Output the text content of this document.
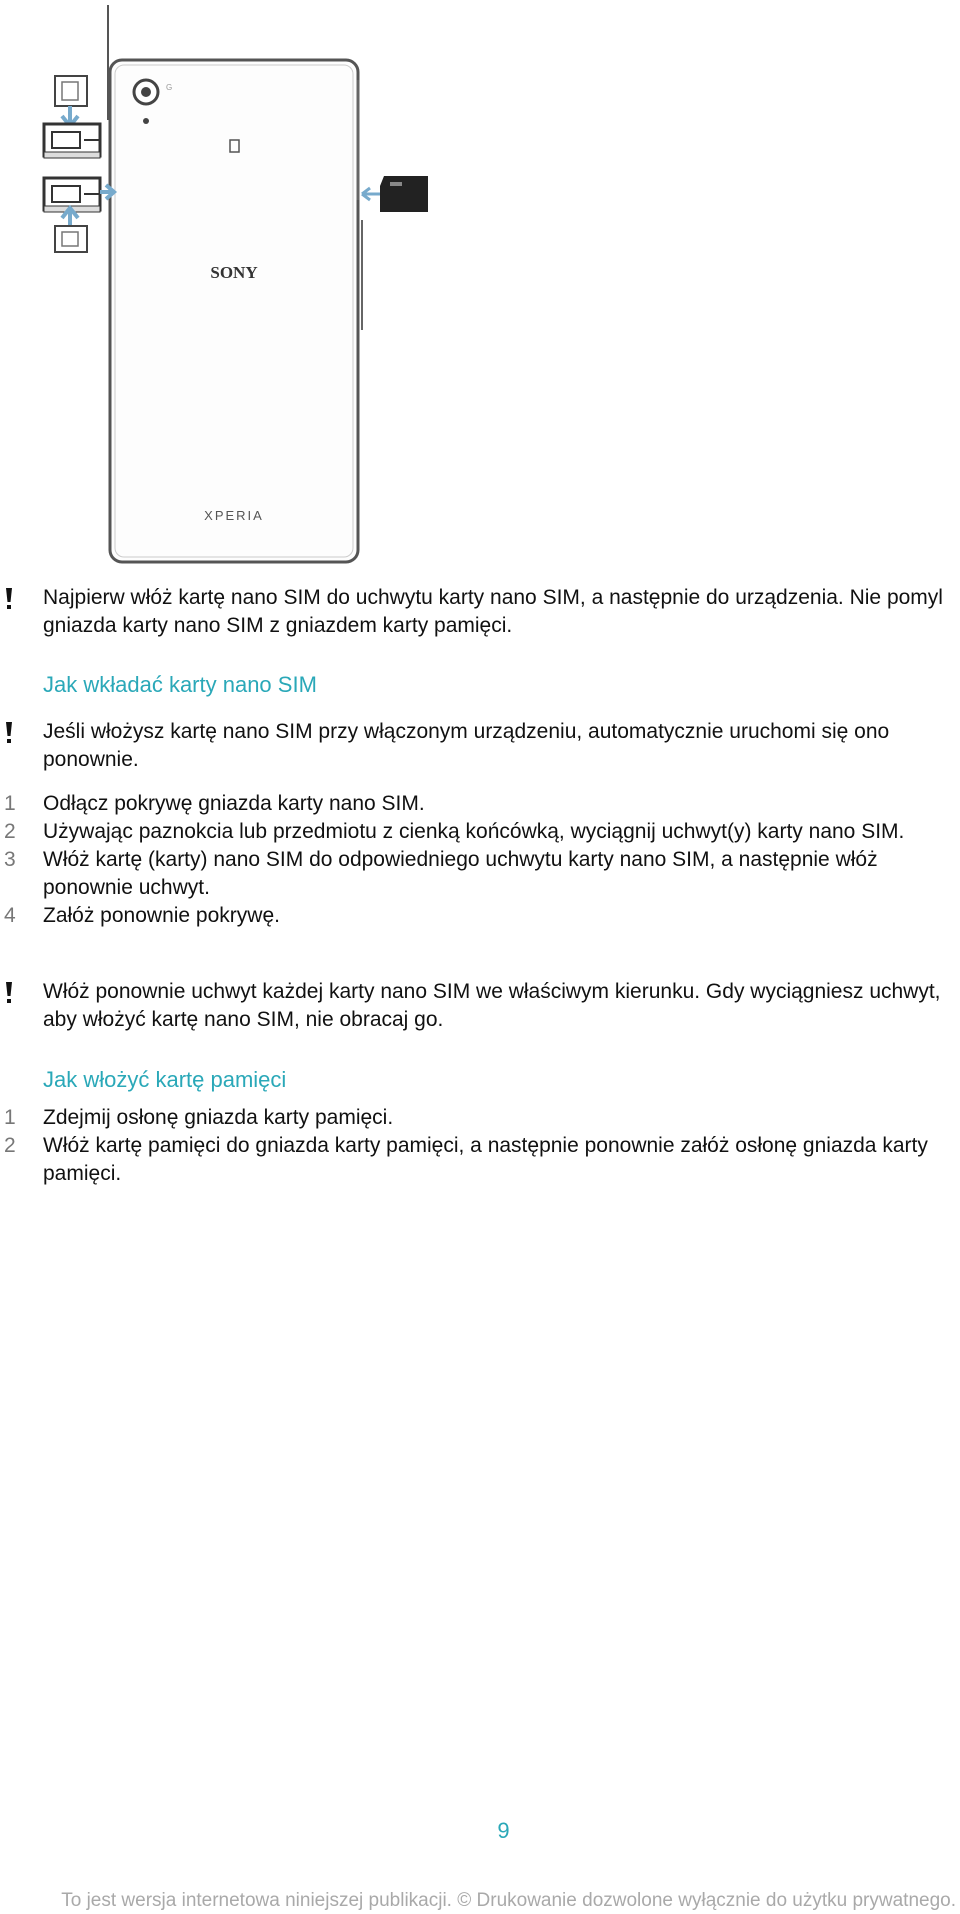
G
SONY
XPERIA

Najpierw włóż kartę nano SIM do uchwytu karty nano SIM, a następnie do urządzenia. Nie pomyl gniazda karty nano SIM z gniazdem karty pamięci.

Jak wkładać karty nano SIM

Jeśli włożysz kartę nano SIM przy włączonym urządzeniu, automatycznie uruchomi się ono ponownie.

1 Odłącz pokrywę gniazda karty nano SIM.

2 Używając paznokcia lub przedmiotu z cienką końcówką, wyciągnij uchwyt(y) karty nano SIM.

3 Włóż kartę (karty) nano SIM do odpowiedniego uchwytu karty nano SIM, a następnie włóż ponownie uchwyt.

4 Załóż ponownie pokrywę.

Włóż ponownie uchwyt każdej karty nano SIM we właściwym kierunku. Gdy wyciągniesz uchwyt, aby włożyć kartę nano SIM, nie obracaj go.

Jak włożyć kartę pamięci

1 Zdejmij osłonę gniazda karty pamięci.

2 Włóż kartę pamięci do gniazda karty pamięci, a następnie ponownie załóż osłonę gniazda karty pamięci.

9
To jest wersja internetowa niniejszej publikacji. © Drukowanie dozwolone wyłącznie do użytku prywatnego.
